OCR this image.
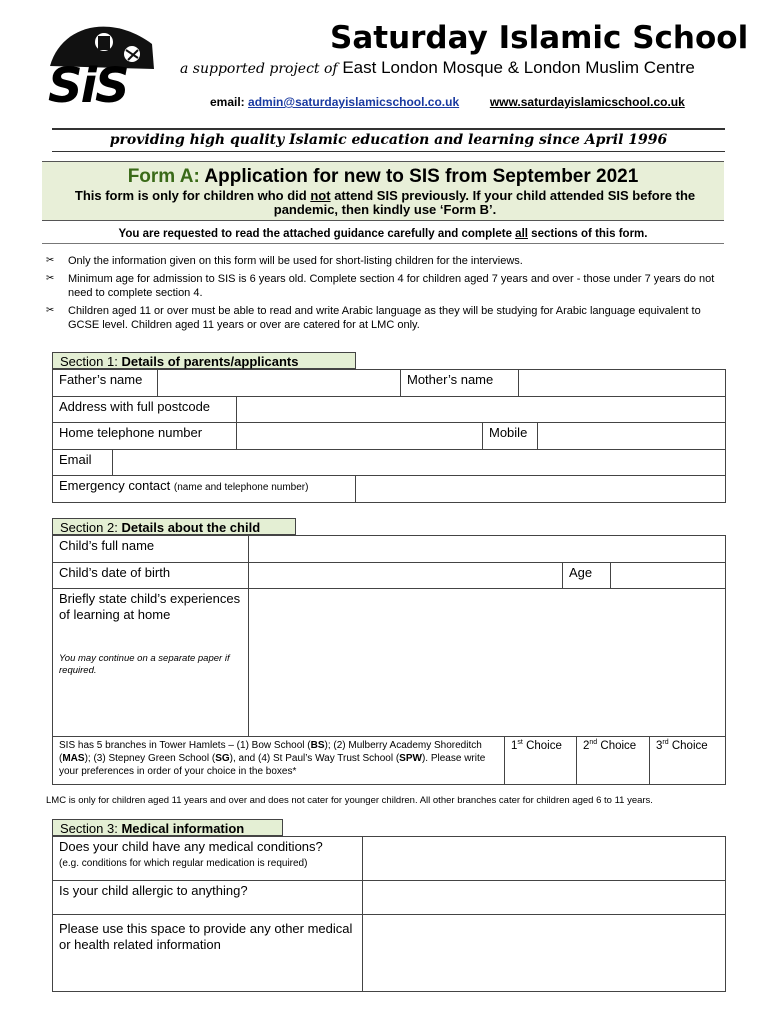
SiS
Saturday Islamic School
a supported project of East London Mosque & London Muslim Centre
email: admin@saturdayislamicschool.co.uk	www.saturdayislamicschool.co.uk
providing high quality Islamic education and learning since April 1996
Form A: Application for new to SIS from September 2021
This form is only for children who did not attend SIS previously. If your child attended SIS before the pandemic, then kindly use ‘Form B’.
You are requested to read the attached guidance carefully and complete all sections of this form.
✂ Only the information given on this form will be used for short-listing children for the interviews.
✂ Minimum age for admission to SIS is 6 years old. Complete section 4 for children aged 7 years and over - those under 7 years do not need to complete section 4.
✂ Children aged 11 or over must be able to read and write Arabic language as they will be studying for Arabic language equivalent to GCSE level. Children aged 11 years or over are catered for at LMC only.
Section 1: Details of parents/applicants
Father’s name		Mother’s name	
Address with full postcode	
Home telephone number		Mobile	
Email	
Emergency contact (name and telephone number)	
Section 2: Details about the child
Child’s full name	
Child’s date of birth		Age	
Briefly state child’s experiences of learning at home
You may continue on a separate paper if required.

SIS has 5 branches in Tower Hamlets – (1) Bow School (BS); (2) Mulberry Academy Shoreditch (MAS); (3) Stepney Green School (SG), and (4) St Paul’s Way Trust School (SPW). Please write your preferences in order of your choice in the boxes*	1st Choice	2nd Choice	3rd Choice
LMC is only for children aged 11 years and over and does not cater for younger children. All other branches cater for children aged 6 to 11 years.
Section 3: Medical information
Does your child have any medical conditions?
(e.g. conditions for which regular medication is required)	

Is your child allergic to anything?	
Please use this space to provide any other medical or health related information	
